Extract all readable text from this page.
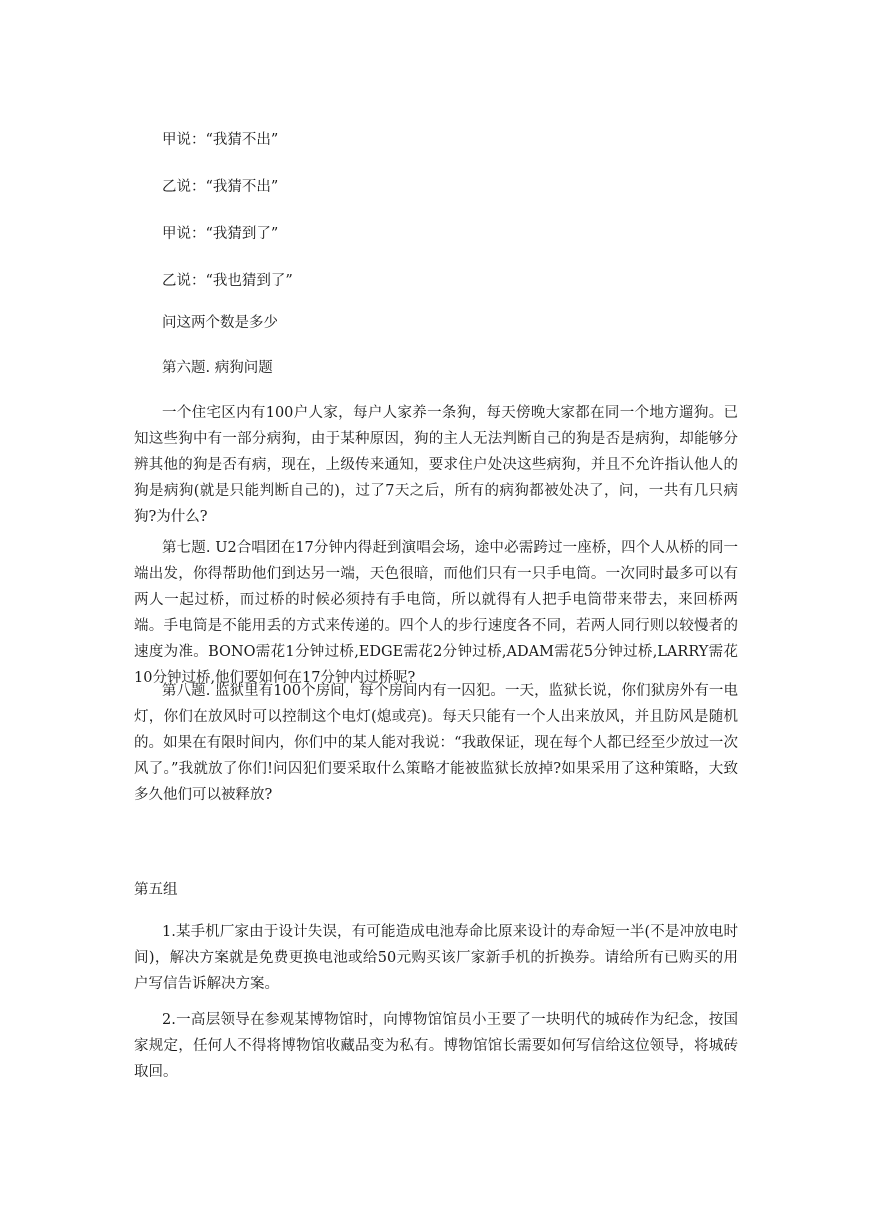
甲说：“我猜不出”
乙说：“我猜不出”
甲说：“我猜到了”
乙说：“我也猜到了”
问这两个数是多少
第六题. 病狗问题

一个住宅区内有100户人家，每户人家养一条狗，每天傍晚大家都在同一个地方遛狗。已知这些狗中有一部分病狗，由于某种原因，狗的主人无法判断自己的狗是否是病狗，却能够分辨其他的狗是否有病，现在，上级传来通知，要求住户处决这些病狗，并且不允许指认他人的狗是病狗(就是只能判断自己的)，过了7天之后，所有的病狗都被处决了，问，一共有几只病狗?为什么?

第七题. U2合唱团在17分钟内得赶到演唱会场，途中必需跨过一座桥，四个人从桥的同一端出发，你得帮助他们到达另一端，天色很暗，而他们只有一只手电筒。一次同时最多可以有两人一起过桥，而过桥的时候必须持有手电筒，所以就得有人把手电筒带来带去，来回桥两端。手电筒是不能用丢的方式来传递的。四个人的步行速度各不同，若两人同行则以较慢者的速度为准。BONO需花1分钟过桥,EDGE需花2分钟过桥,ADAM需花5分钟过桥,LARRY需花10分钟过桥,他们要如何在17分钟内过桥呢?

第八题. 监狱里有100个房间，每个房间内有一囚犯。一天，监狱长说，你们狱房外有一电灯，你们在放风时可以控制这个电灯(熄或亮)。每天只能有一个人出来放风，并且防风是随机的。如果在有限时间内，你们中的某人能对我说：“我敢保证，现在每个人都已经至少放过一次风了。”我就放了你们!问囚犯们要采取什么策略才能被监狱长放掉?如果采用了这种策略，大致多久他们可以被释放?

第五组

1.某手机厂家由于设计失误，有可能造成电池寿命比原来设计的寿命短一半(不是冲放电时间)，解决方案就是免费更换电池或给50元购买该厂家新手机的折换券。请给所有已购买的用户写信告诉解决方案。

2.一高层领导在参观某博物馆时，向博物馆馆员小王要了一块明代的城砖作为纪念，按国家规定，任何人不得将博物馆收藏品变为私有。博物馆馆长需要如何写信给这位领导，将城砖取回。
